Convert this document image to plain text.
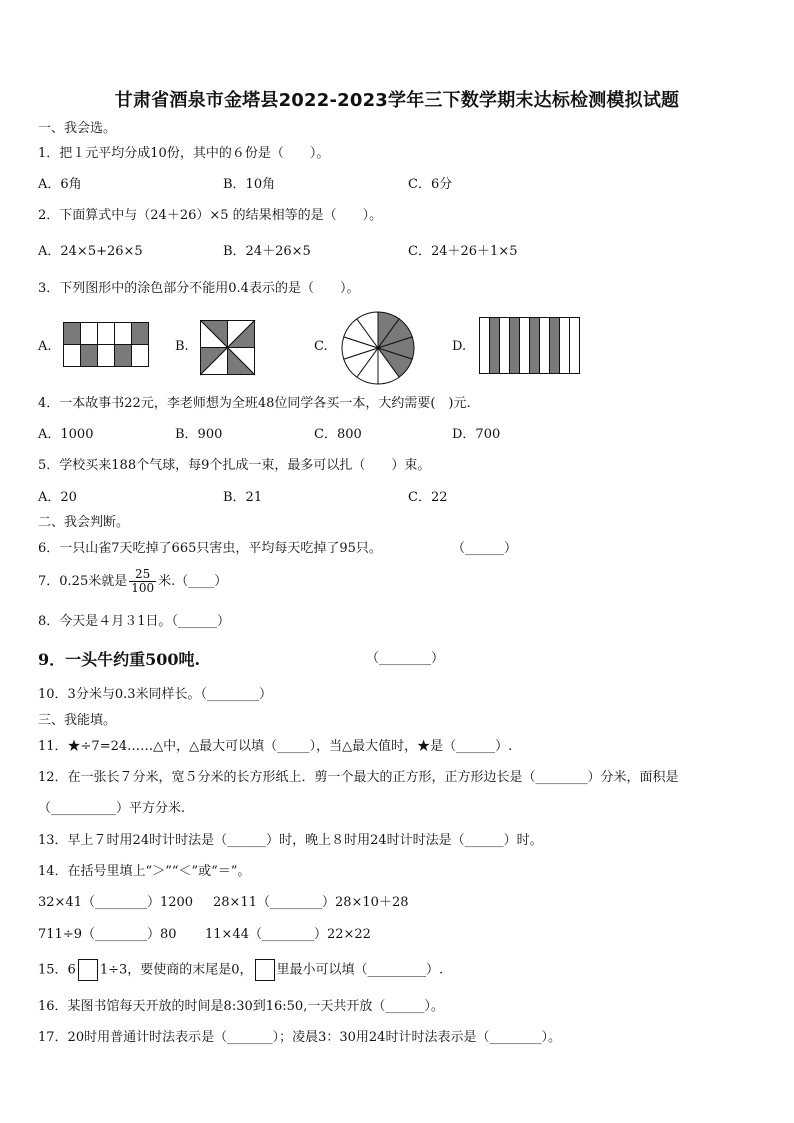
甘肃省酒泉市金塔县2022-2023学年三下数学期末达标检测模拟试题
一、我会选。
1．把１元平均分成10份，其中的６份是（　　）。
A．6角	B．10角	C．6分
2．下面算式中与（24＋26）×5 的结果相等的是（　　）。
A．24×5+26×5	B．24＋26×5	C．24＋26＋1×5
3．下列图形中的涂色部分不能用0.4表示的是（　　）。
A.	B.	C.	D.
4．一本故事书22元，李老师想为全班48位同学各买一本，大约需要(　)元.
A．1000	B．900	C．800	D．700
5．学校买来188个气球，每9个扎成一束，最多可以扎（　　）束。
A．20	B．21	C．22
二、我会判断。
6．一只山雀7天吃掉了665只害虫，平均每天吃掉了95只。	（______）
7．0.25米就是 $\frac{25}{100}$ 米.（____）
8．今天是４月３1日。（______）
9．一头牛约重500吨.	（________）
10．3分米与0.3米同样长。（________）
三、我能填。
11．★÷7=24……△中，△最大可以填（_____），当△最大值时，★是（______）.
12．在一张长７分米，宽５分米的长方形纸上．剪一个最大的正方形，正方形边长是（________）分米，面积是
（__________）平方分米.
13．早上７时用24时计时法是（______）时，晚上８时用24时计时法是（______）时。
14．在括号里填上“＞”“＜”或“＝”。
32×41（________）1200 28×11（________）28×10＋28
711÷9（________）80 11×44（________）22×22
15．6 1÷3，要使商的末尾是0， 里最小可以填（_________）.
16．某图书馆每天开放的时间是8:30到16:50,一天共开放（______）。
17．20时用普通计时法表示是（_______）；凌晨3：30用24时计时法表示是（________）。
